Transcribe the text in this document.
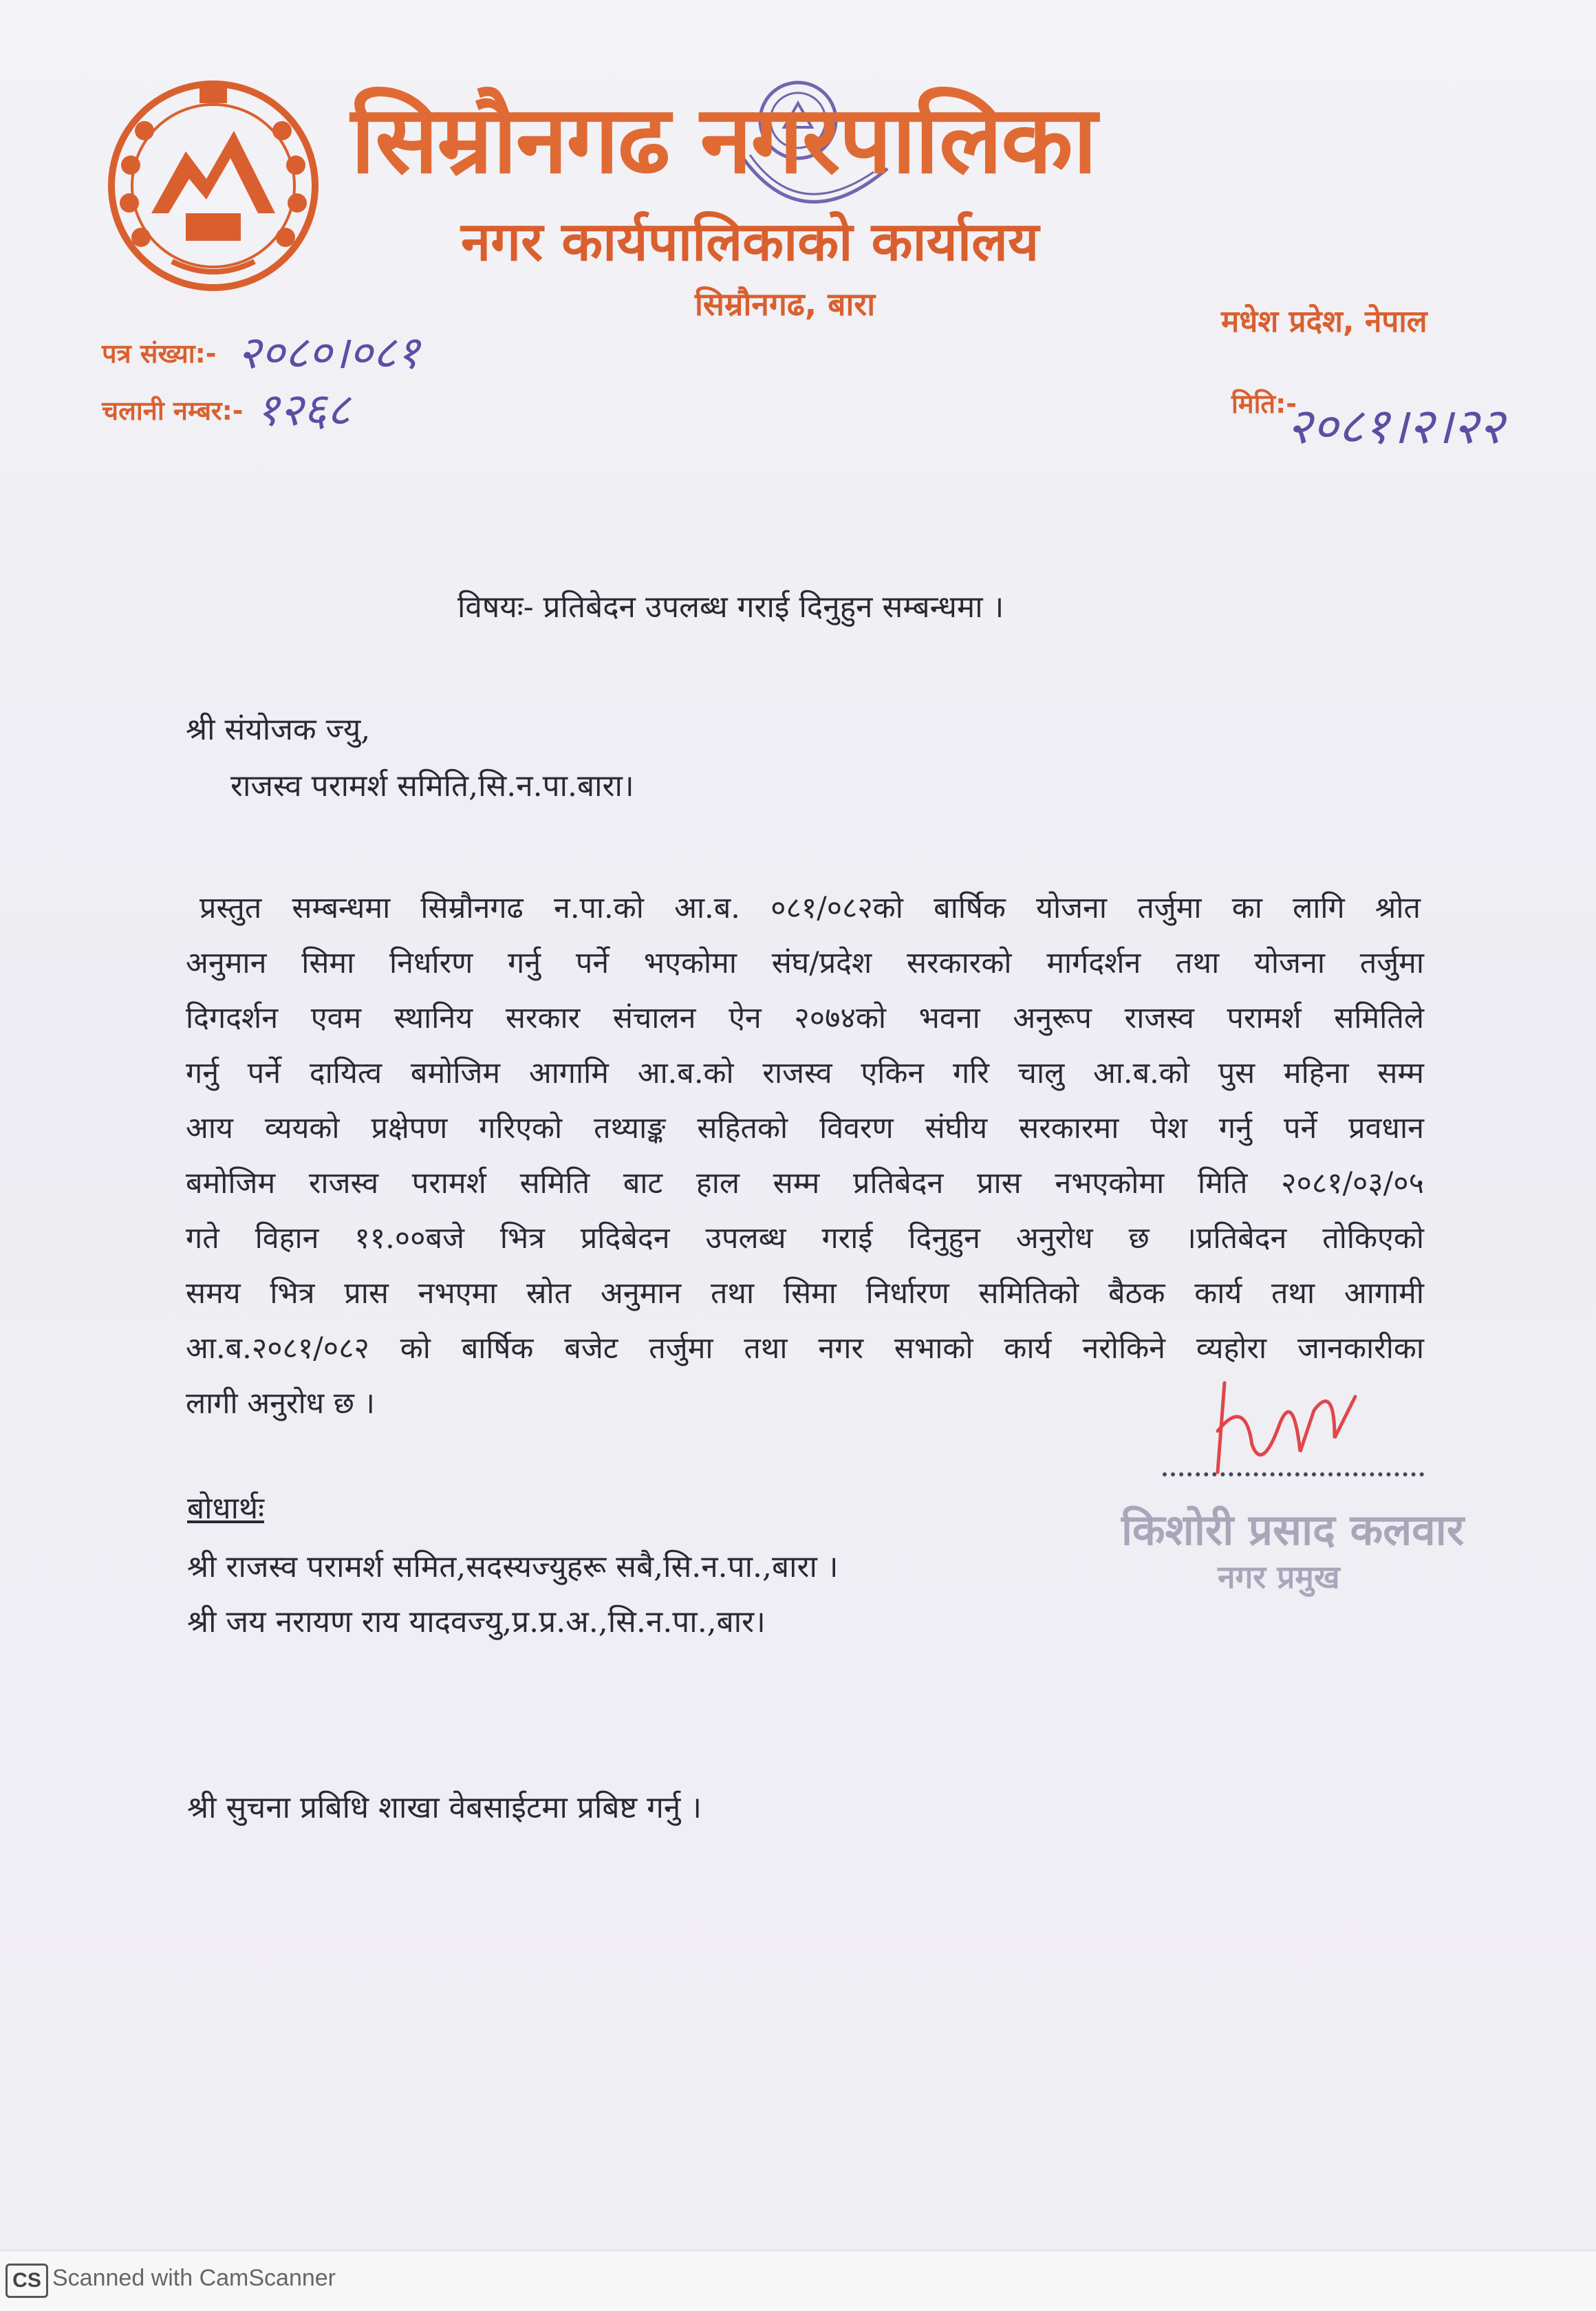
सिम्रौनगढ नगरपालिका
नगर कार्यपालिकाको कार्यालय
सिम्रौनगढ, बारा	मधेश प्रदेश, नेपाल
पत्र संख्या:- २०८०।०८१
चलानी नम्बर:- १२६८	मिति:-
२०८१।२।२२
विषयः- प्रतिबेदन उपलब्ध गराई दिनुहुन सम्बन्धमा ।
श्री संयोजक ज्यु,
राजस्व परामर्श समिति,सि.न.पा.बारा।
प्रस्तुत सम्बन्धमा सिम्रौनगढ न.पा.को आ.ब. ०८१/०८२को बार्षिक योजना तर्जुमा का लागि श्रोत
अनुमान सिमा निर्धारण गर्नु पर्ने भएकोमा संघ/प्रदेश सरकारको मार्गदर्शन तथा योजना तर्जुमा
दिगदर्शन एवम स्थानिय सरकार संचालन ऐन २०७४को भवना अनुरूप राजस्व परामर्श समितिले
गर्नु पर्ने दायित्व बमोजिम आगामि आ.ब.को राजस्व एकिन गरि चालु आ.ब.को पुस महिना सम्म
आय व्ययको प्रक्षेपण गरिएको तथ्याङ्क सहितको विवरण संघीय सरकारमा पेश गर्नु पर्ने प्रवधान
बमोजिम राजस्व परामर्श समिति बाट हाल सम्म प्रतिबेदन प्रास नभएकोमा मिति २०८१/०३/०५
गते विहान ११.००बजे भित्र प्रदिबेदन उपलब्ध गराई दिनुहुन अनुरोध छ ।प्रतिबेदन तोकिएको
समय भित्र प्रास नभएमा स्रोत अनुमान तथा सिमा निर्धारण समितिको बैठक कार्य तथा आगामी
आ.ब.२०८१/०८२ को बार्षिक बजेट तर्जुमा तथा नगर सभाको कार्य नरोकिने व्यहोरा जानकारीका
लागी अनुरोध छ ।
किशोरी प्रसाद कलवार
नगर प्रमुख
बोधार्थः
श्री राजस्व परामर्श समित,सदस्यज्युहरू सबै,सि.न.पा.,बारा ।
श्री जय नरायण राय यादवज्यु,प्र.प्र.अ.,सि.न.पा.,बार।
श्री सुचना प्रबिधि शाखा वेबसाईटमा प्रबिष्ट गर्नु ।
CS Scanned with CamScanner
